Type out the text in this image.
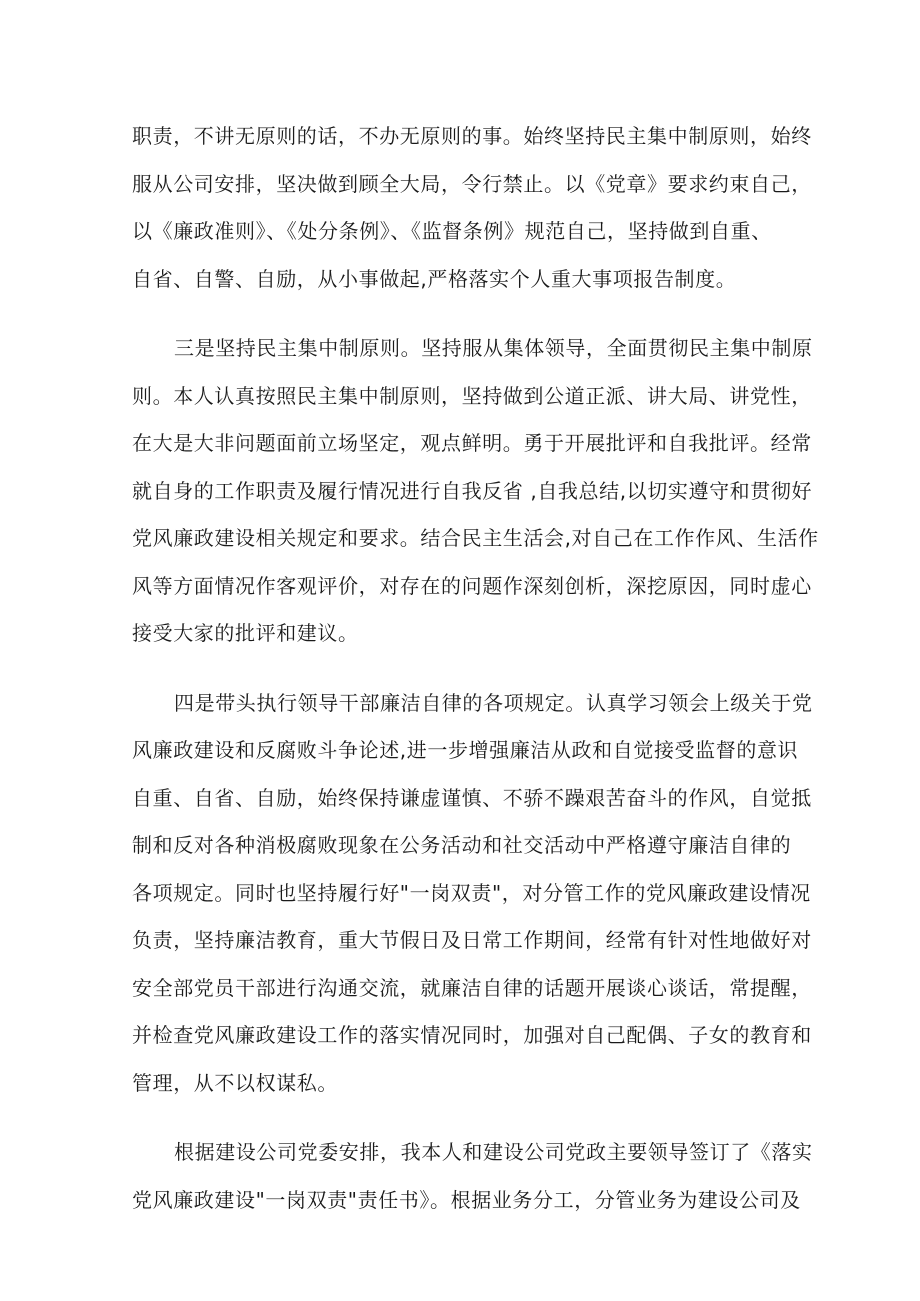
职责，不讲无原则的话，不办无原则的事。始终坚持民主集中制原则，始终
服从公司安排，坚决做到顾全大局，令行禁止。以《党章》要求约束自己，
以《廉政准则》、《处分条例》、《监督条例》规范自己，坚持做到自重、
自省、自警、自励，从小事做起,严格落实个人重大事项报告制度。
三是坚持民主集中制原则。坚持服从集体领导，全面贯彻民主集中制原
则。本人认真按照民主集中制原则，坚持做到公道正派、讲大局、讲党性，
在大是大非问题面前立场坚定，观点鲜明。勇于开展批评和自我批评。经常
就自身的工作职责及履行情况进行自我反省 ,自我总结,以切实遵守和贯彻好
党风廉政建设相关规定和要求。结合民主生活会,对自己在工作作风、生活作
风等方面情况作客观评价，对存在的问题作深刻创析，深挖原因，同时虚心
接受大家的批评和建议。
四是带头执行领导干部廉洁自律的各项规定。认真学习领会上级关于党
风廉政建设和反腐败斗争论述,进一步增强廉洁从政和自觉接受监督的意识
自重、自省、自励，始终保持谦虚谨慎、不骄不躁艰苦奋斗的作风，自觉抵
制和反对各种消极腐败现象在公务活动和社交活动中严格遵守廉洁自律的
各项规定。同时也坚持履行好"一岗双责"，对分管工作的党风廉政建设情况
负责，坚持廉洁教育，重大节假日及日常工作期间，经常有针对性地做好对
安全部党员干部进行沟通交流，就廉洁自律的话题开展谈心谈话，常提醒，
并检查党风廉政建设工作的落实情况同时，加强对自己配偶、子女的教育和
管理，从不以权谋私。
根据建设公司党委安排，我本人和建设公司党政主要领导签订了《落实
党风廉政建设"一岗双责"责任书》。根据业务分工，分管业务为建设公司及
